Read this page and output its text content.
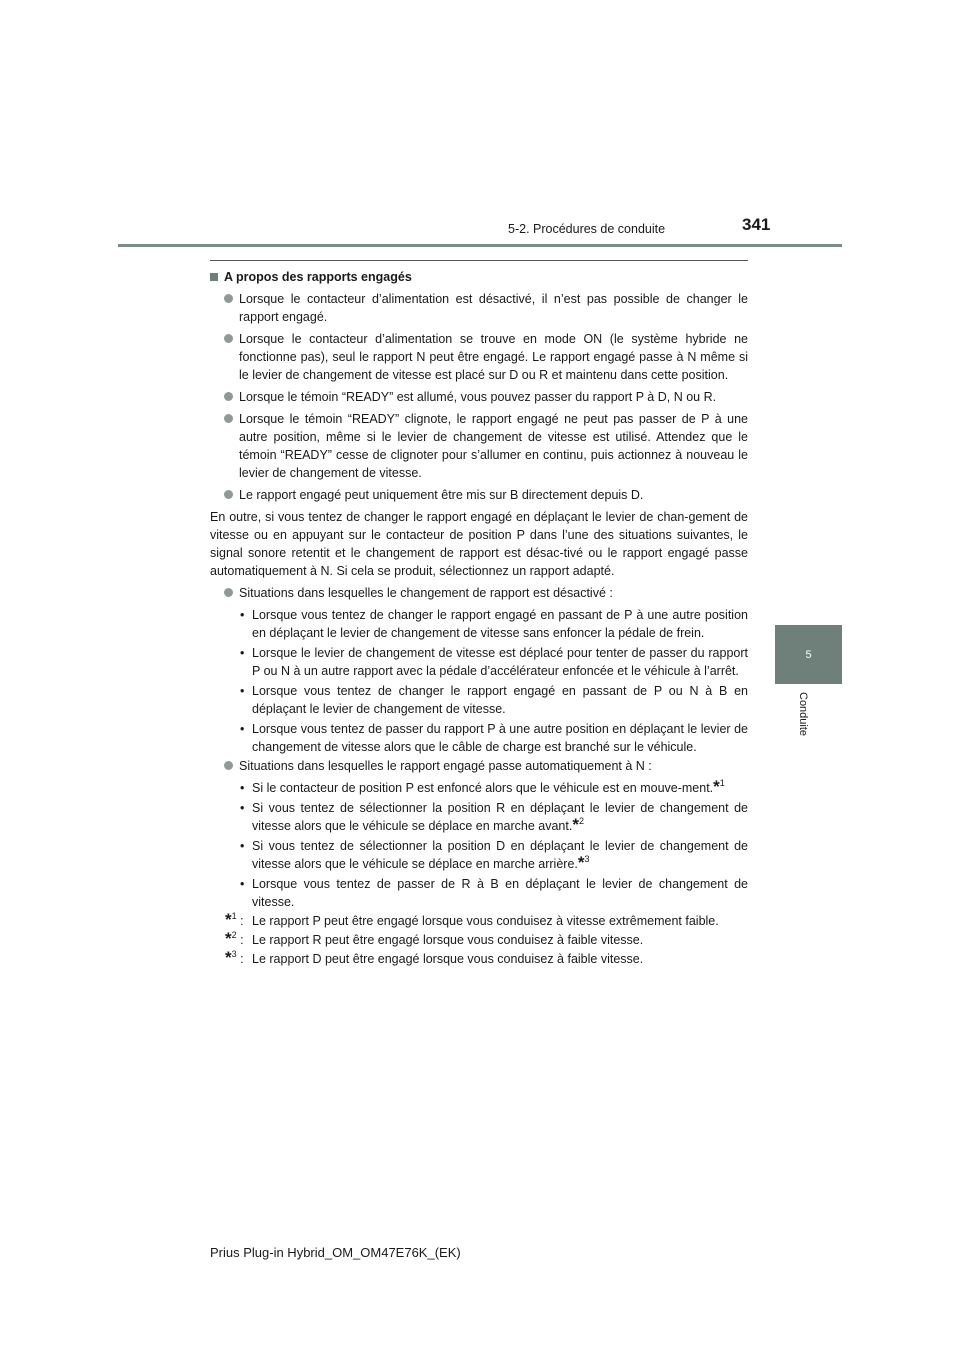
5-2. Procédures de conduite	341
5
Conduite
A propos des rapports engagés
Lorsque le contacteur d’alimentation est désactivé, il n’est pas possible de changer le rapport engagé.
Lorsque le contacteur d’alimentation se trouve en mode ON (le système hybride ne fonctionne pas), seul le rapport N peut être engagé. Le rapport engagé passe à N même si le levier de changement de vitesse est placé sur D ou R et maintenu dans cette position.
Lorsque le témoin “READY” est allumé, vous pouvez passer du rapport P à D, N ou R.
Lorsque le témoin “READY” clignote, le rapport engagé ne peut pas passer de P à une autre position, même si le levier de changement de vitesse est utilisé. Attendez que le témoin “READY” cesse de clignoter pour s’allumer en continu, puis actionnez à nouveau le levier de changement de vitesse.
Le rapport engagé peut uniquement être mis sur B directement depuis D.
En outre, si vous tentez de changer le rapport engagé en déplaçant le levier de chan-gement de vitesse ou en appuyant sur le contacteur de position P dans l’une des situations suivantes, le signal sonore retentit et le changement de rapport est désac-tivé ou le rapport engagé passe automatiquement à N. Si cela se produit, sélectionnez un rapport adapté.
Situations dans lesquelles le changement de rapport est désactivé :
• Lorsque vous tentez de changer le rapport engagé en passant de P à une autre position en déplaçant le levier de changement de vitesse sans enfoncer la pédale de frein.
• Lorsque le levier de changement de vitesse est déplacé pour tenter de passer du rapport P ou N à un autre rapport avec la pédale d’accélérateur enfoncée et le véhicule à l’arrêt.
• Lorsque vous tentez de changer le rapport engagé en passant de P ou N à B en déplaçant le levier de changement de vitesse.
• Lorsque vous tentez de passer du rapport P à une autre position en déplaçant le levier de changement de vitesse alors que le câble de charge est branché sur le véhicule.
Situations dans lesquelles le rapport engagé passe automatiquement à N :
• Si le contacteur de position P est enfoncé alors que le véhicule est en mouve-ment.*$^1$
• Si vous tentez de sélectionner la position R en déplaçant le levier de changement de vitesse alors que le véhicule se déplace en marche avant.*$^2$
• Si vous tentez de sélectionner la position D en déplaçant le levier de changement de vitesse alors que le véhicule se déplace en marche arrière.*$^3$
• Lorsque vous tentez de passer de R à B en déplaçant le levier de changement de vitesse.
*$^1$ : Le rapport P peut être engagé lorsque vous conduisez à vitesse extrêmement faible.
*$^2$ : Le rapport R peut être engagé lorsque vous conduisez à faible vitesse.
*$^3$ : Le rapport D peut être engagé lorsque vous conduisez à faible vitesse.
Prius Plug-in Hybrid_OM_OM47E76K_(EK)
